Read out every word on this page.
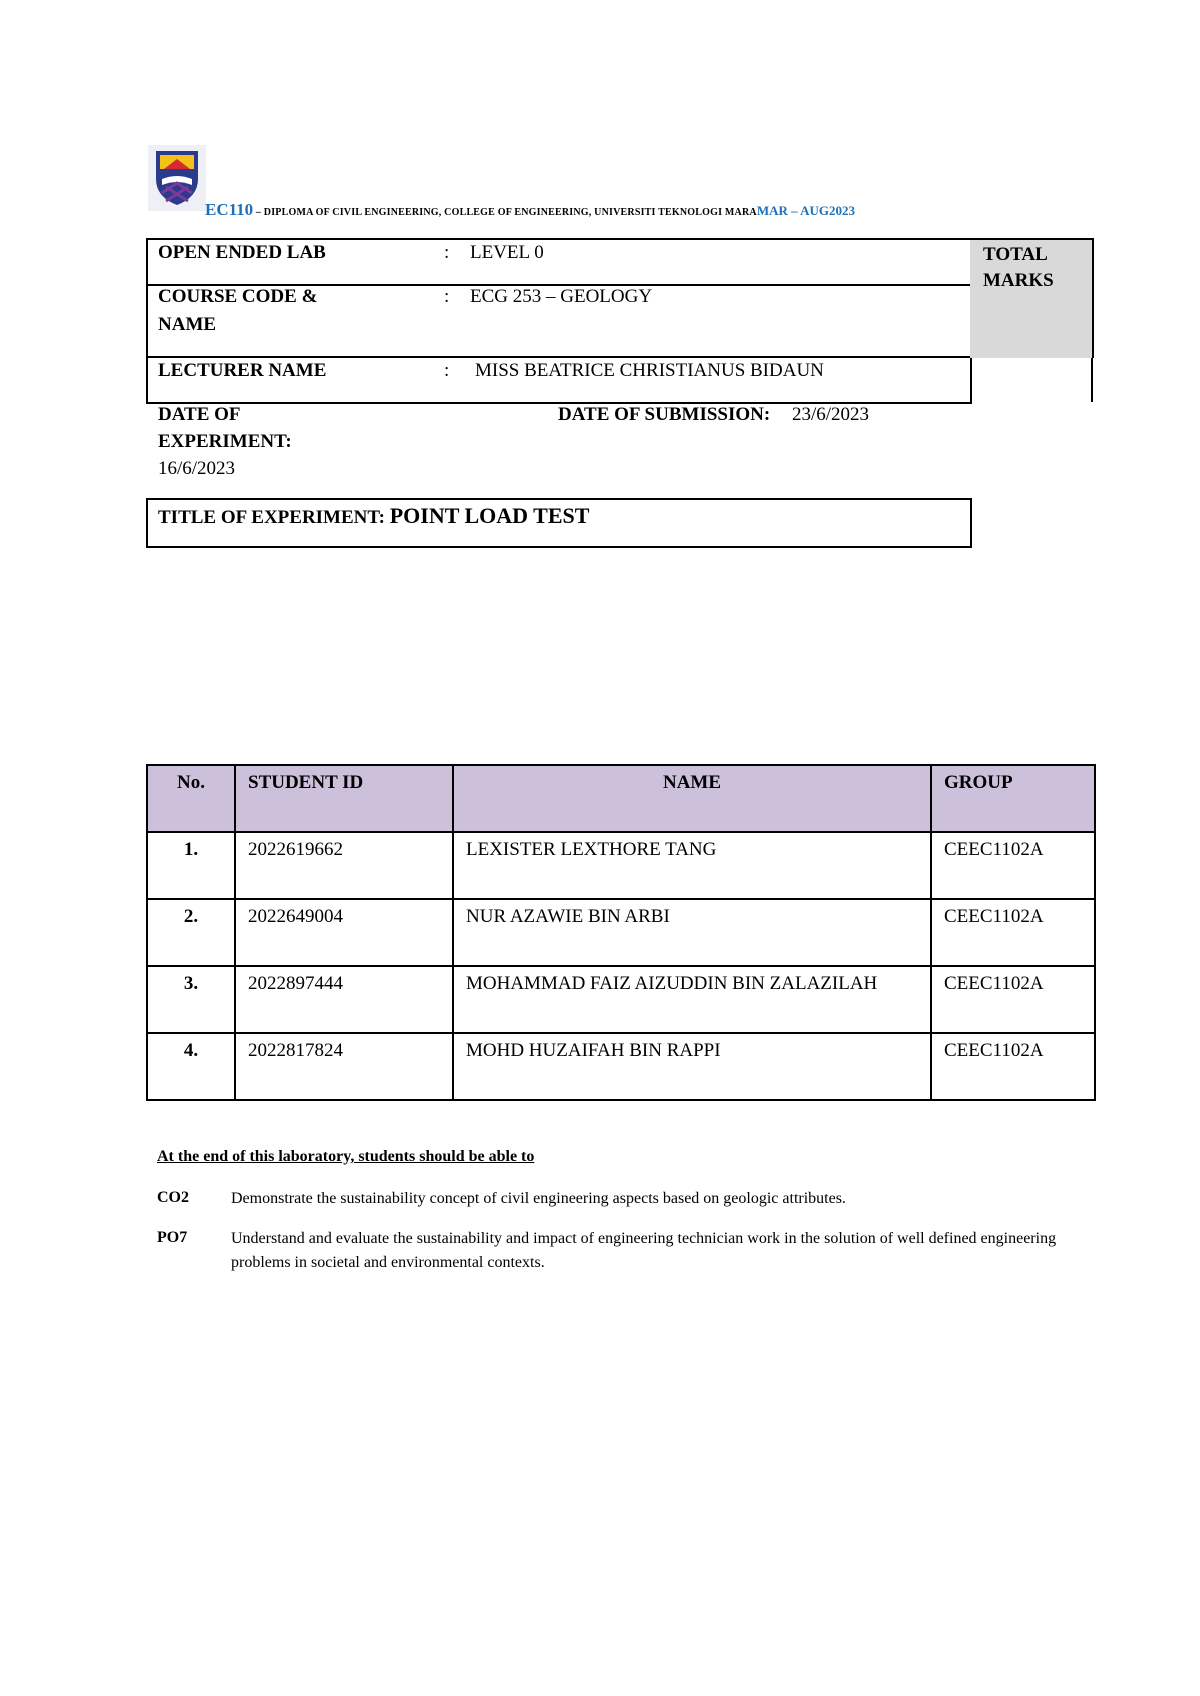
EC110 – DIPLOMA OF CIVIL ENGINEERING, COLLEGE OF ENGINEERING, UNIVERSITI TEKNOLOGI MARAMAR – AUG2023
OPEN ENDED LAB	: LEVEL 0
COURSE CODE &
NAME
: ECG 253 – GEOLOGY
LECTURER NAME	: MISS BEATRICE CHRISTIANUS BIDAUN
DATE OF
EXPERIMENT:
16/6/2023
DATE OF SUBMISSION: 23/6/2023
TITLE OF EXPERIMENT: POINT LOAD TEST
TOTAL
MARKS
No.	STUDENT ID	NAME	GROUP
1.	2022619662	LEXISTER LEXTHORE TANG	CEEC1102A
2.	2022649004	NUR AZAWIE BIN ARBI	CEEC1102A
3.	2022897444	MOHAMMAD FAIZ AIZUDDIN BIN ZALAZILAH	CEEC1102A
4.	2022817824	MOHD HUZAIFAH BIN RAPPI	CEEC1102A
At the end of this laboratory, students should be able to
CO2	Demonstrate the sustainability concept of civil engineering aspects based on geologic attributes.
PO7	Understand and evaluate the sustainability and impact of engineering technician work in the solution of well defined engineering problems in societal and environmental contexts.
